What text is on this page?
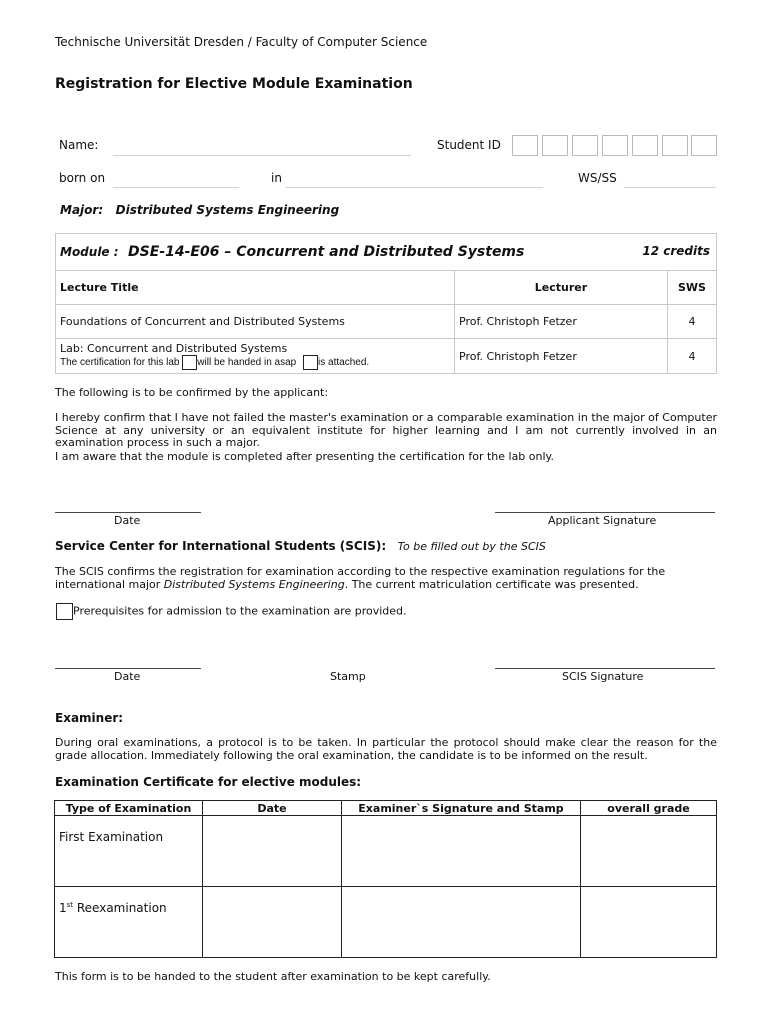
Technische Universität Dresden / Faculty of Computer Science
Registration for Elective Module Examination
Name:	Student ID
born on	in	WS/SS
Major: Distributed Systems Engineering
Module : DSE-14-E06 – Concurrent and Distributed Systems 12 credits		

Lecture Title	Lecturer	SWS
Foundations of Concurrent and Distributed Systems	Prof. Christoph Fetzer	4

Lab: Concurrent and Distributed Systems
The certification for this lab will be handed in asap is attached.	Prof. Christoph Fetzer	4
The following is to be confirmed by the applicant:
I hereby confirm that I have not failed the master's examination or a comparable examination in the major of Computer Science at any university or an equivalent institute for higher learning and I am not currently involved in an examination process in such a major.
I am aware that the module is completed after presenting the certification for the lab only.
Date	Applicant Signature
Service Center for International Students (SCIS): To be filled out by the SCIS
The SCIS confirms the registration for examination according to the respective examination regulations for the international major Distributed Systems Engineering. The current matriculation certificate was presented.
Prerequisites for admission to the examination are provided.
Date	Stamp	SCIS Signature
Examiner:
During oral examinations, a protocol is to be taken. In particular the protocol should make clear the reason for the grade allocation. Immediately following the oral examination, the candidate is to be informed on the result.
Examination Certificate for elective modules:
Type of Examination	Date	Examiner`s Signature and Stamp	overall grade
First Examination			
1st Reexamination			
This form is to be handed to the student after examination to be kept carefully.
